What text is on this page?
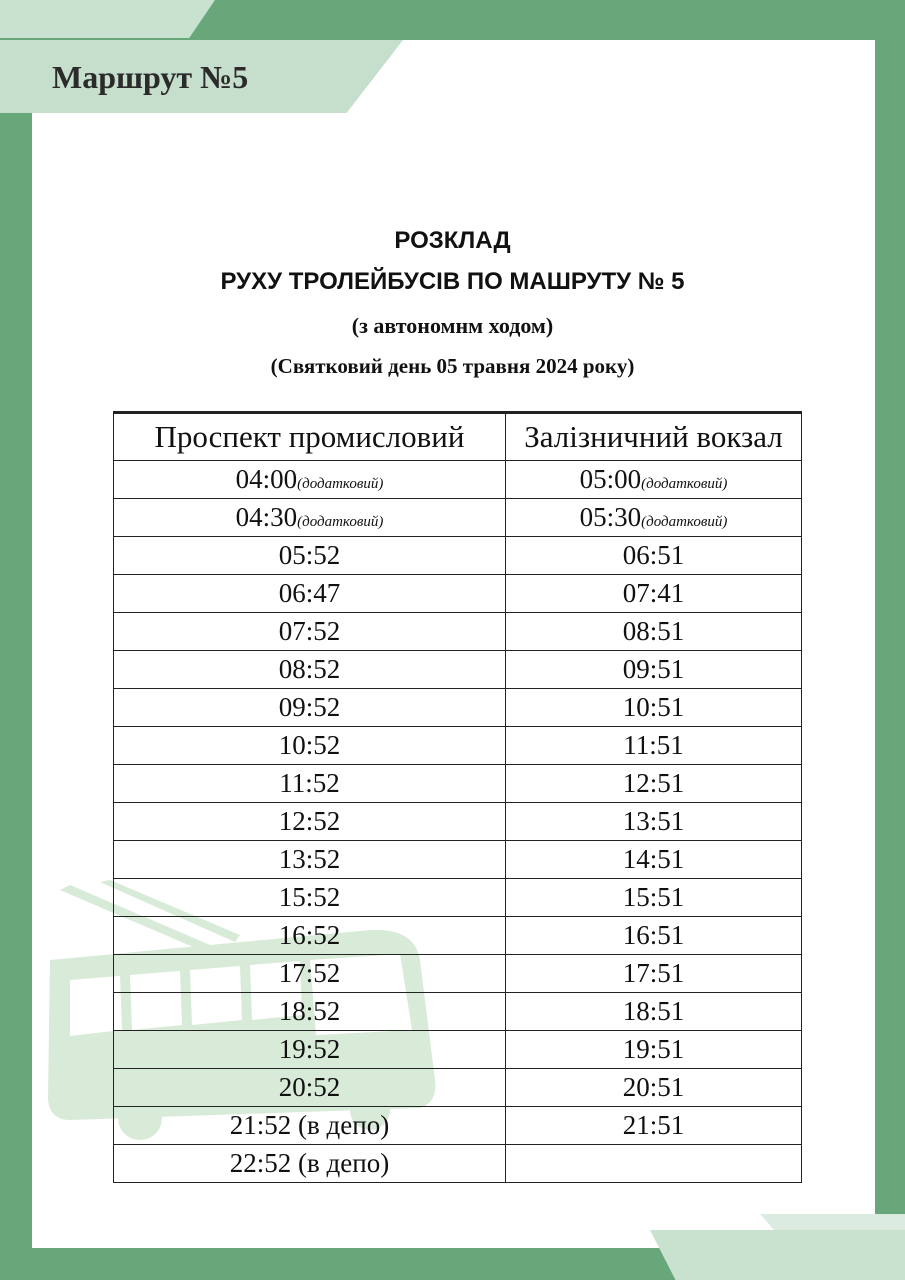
Маршрут №5
РОЗКЛАД
РУХУ ТРОЛЕЙБУСІВ ПО МАШРУТУ № 5
(з автономнм ходом)
(Святковий день 05 травня 2024 року)
Проспект промисловий	Залізничний вокзал
04:00(додатковий)	05:00(додатковий)
04:30(додатковий)	05:30(додатковий)
05:52	06:51
06:47	07:41
07:52	08:51
08:52	09:51
09:52	10:51
10:52	11:51
11:52	12:51
12:52	13:51
13:52	14:51
15:52	15:51
16:52	16:51
17:52	17:51
18:52	18:51
19:52	19:51
20:52	20:51
21:52 (в депо)	21:51
22:52 (в депо)	
